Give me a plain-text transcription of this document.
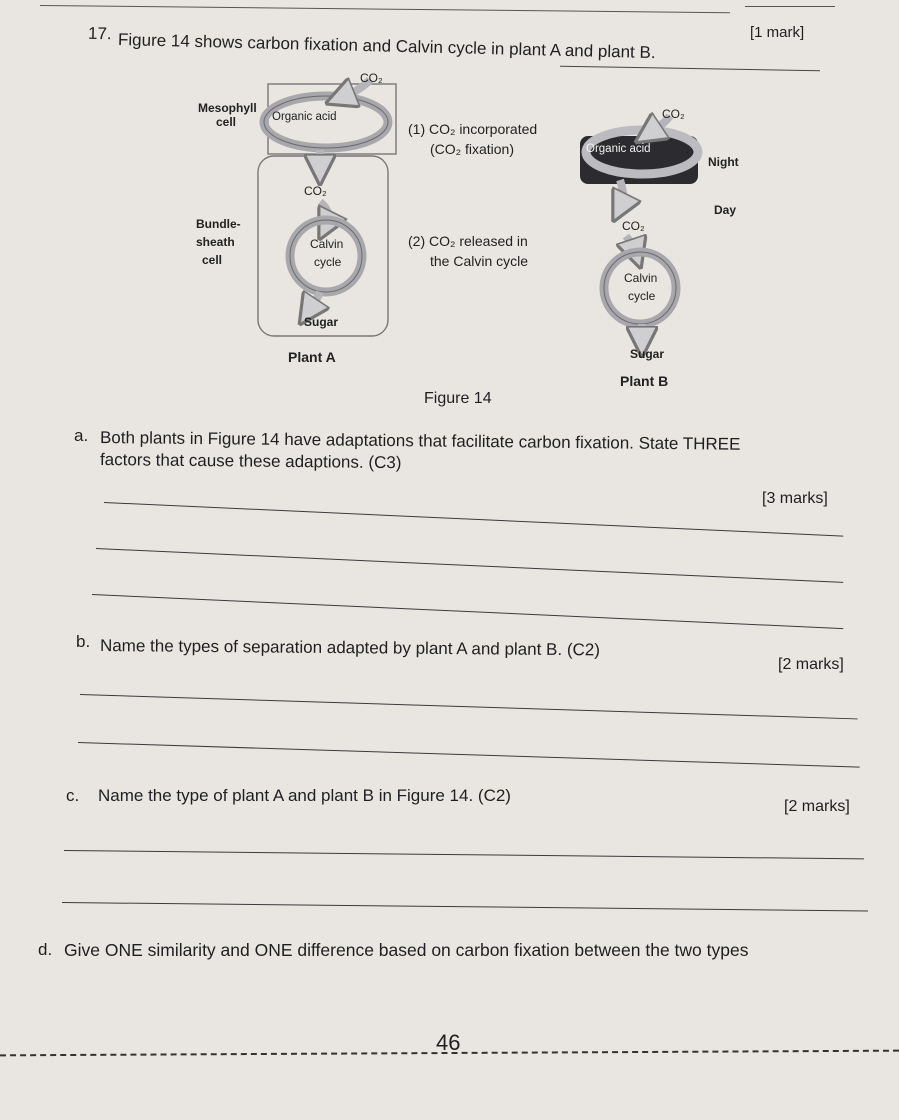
[1 mark]
17. Figure 14 shows carbon fixation and Calvin cycle in plant A and plant B.
CO₂
Mesophyll
cell	Organic acid
CO₂
Bundle-
sheath
cell
Calvin
cycle
Sugar
Plant A
(1) CO₂ incorporated
(CO₂ fixation)
(2) CO₂ released in
the Calvin cycle
CO₂
Organic acid
Night
Day
CO₂
Calvin
cycle
Sugar
Plant B
Figure 14
a. Both plants in Figure 14 have adaptations that facilitate carbon fixation. State THREE
factors that cause these adaptions. (C3)
[3 marks]
b. Name the types of separation adapted by plant A and plant B. (C2)
[2 marks]
c. Name the type of plant A and plant B in Figure 14. (C2)
[2 marks]
d. Give ONE similarity and ONE difference based on carbon fixation between the two types
46
